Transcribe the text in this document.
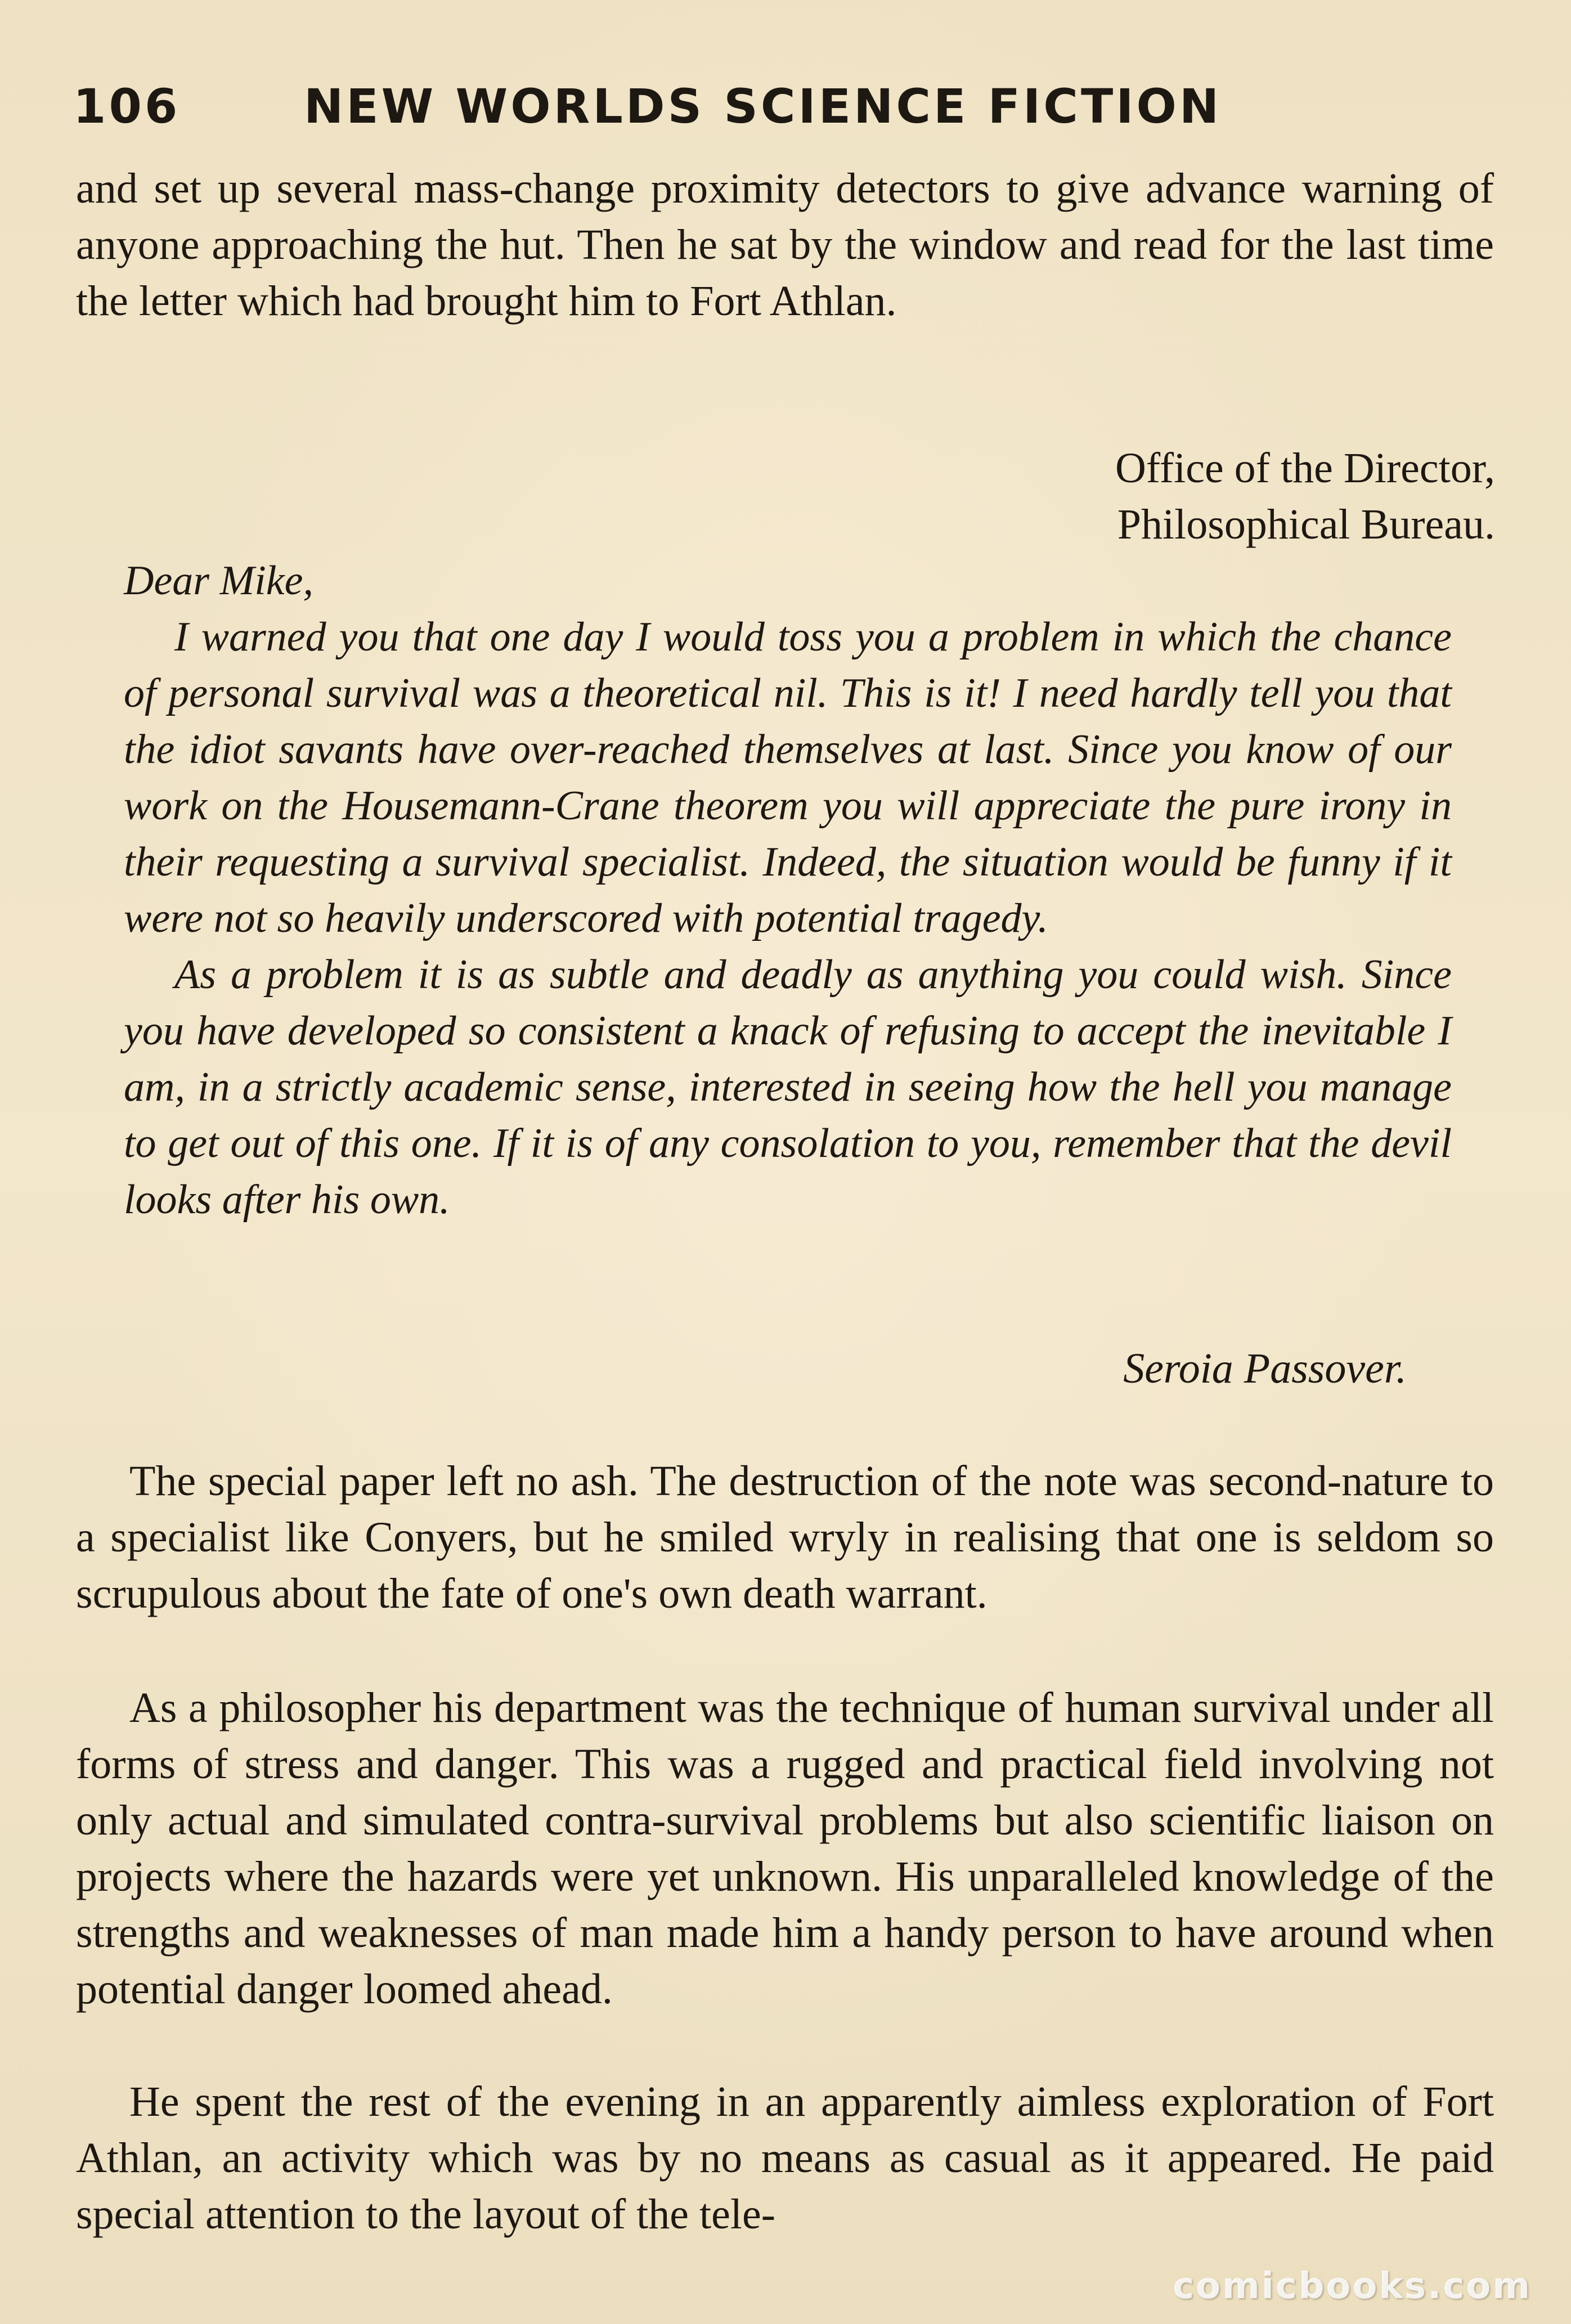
106	NEW WORLDS SCIENCE FICTION

and set up several mass-change proximity detectors to give advance warning of anyone approaching the hut. Then he sat by the window and read for the last time the letter which had brought him to Fort Athlan.

Office of the Director,
Philosophical Bureau.

Dear Mike,

I warned you that one day I would toss you a problem in which the chance of personal survival was a theoretical nil. This is it! I need hardly tell you that the idiot savants have over-reached themselves at last. Since you know of our work on the Housemann-Crane theorem you will appreciate the pure irony in their requesting a survival specialist. Indeed, the situation would be funny if it were not so heavily underscored with potential tragedy.

As a problem it is as subtle and deadly as anything you could wish. Since you have developed so consistent a knack of refusing to accept the inevitable I am, in a strictly academic sense, interested in seeing how the hell you manage to get out of this one. If it is of any consolation to you, remember that the devil looks after his own.

Seroia Passover.

The special paper left no ash. The destruction of the note was second-nature to a specialist like Conyers, but he smiled wryly in realising that one is seldom so scrupulous about the fate of one's own death warrant.

As a philosopher his department was the technique of human survival under all forms of stress and danger. This was a rugged and practical field involving not only actual and simulated contra-survival problems but also scientific liaison on projects where the hazards were yet unknown. His unparalleled knowledge of the strengths and weaknesses of man made him a handy person to have around when potential danger loomed ahead.

He spent the rest of the evening in an apparently aimless exploration of Fort Athlan, an activity which was by no means as casual as it appeared. He paid special attention to the layout of the tele-

comicbooks.com
